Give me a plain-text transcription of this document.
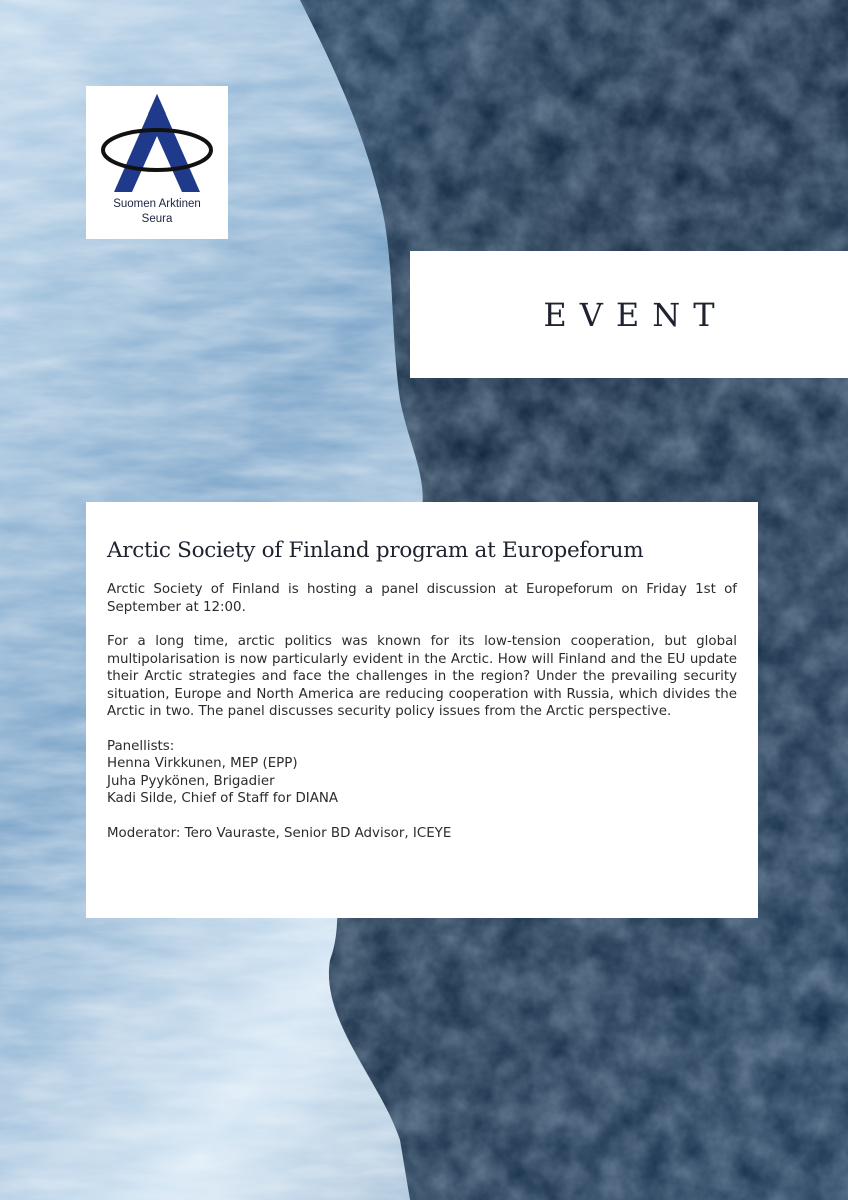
Suomen Arktinen
Seura
EVENT
Arctic Society of Finland program at Europeforum

Arctic Society of Finland is hosting a panel discussion at Europeforum on Friday 1st of September at 12:00.

For a long time, arctic politics was known for its low-tension cooperation, but global multipolarisation is now particularly evident in the Arctic. How will Finland and the EU update their Arctic strategies and face the challenges in the region? Under the prevailing security situation, Europe and North America are reducing cooperation with Russia, which divides the Arctic in two. The panel discusses security policy issues from the Arctic perspective.

Panellists:

Henna Virkkunen, MEP (EPP)

Juha Pyykönen, Brigadier

Kadi Silde, Chief of Staff for DIANA

Moderator: Tero Vauraste, Senior BD Advisor, ICEYE
